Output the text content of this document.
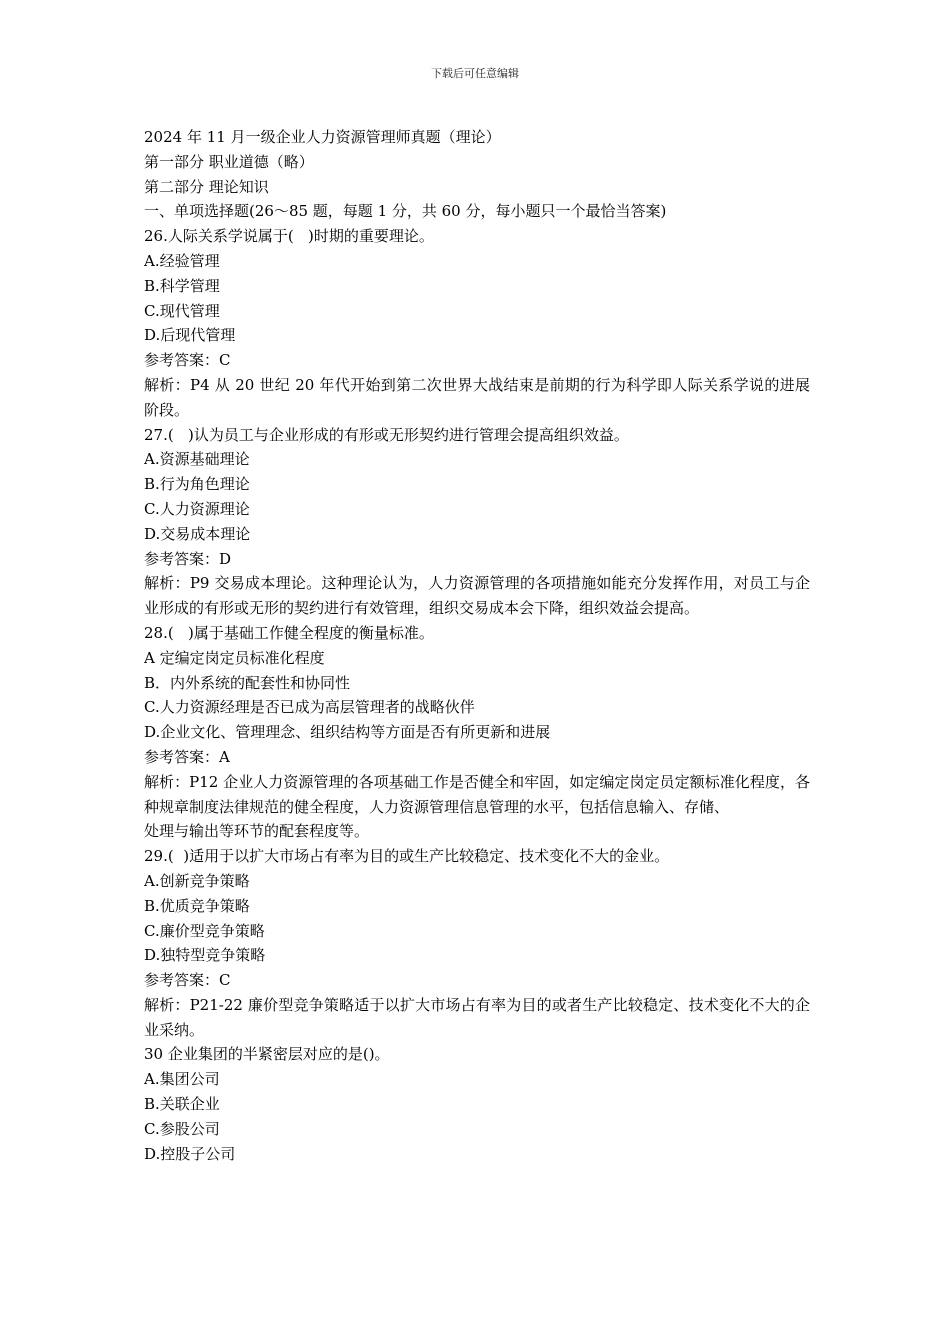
下载后可任意编辑

2024 年 11 月一级企业人力资源管理师真题（理论）

第一部分 职业道德（略）

第二部分 理论知识

一、单项选择题(26～85 题，每题 1 分，共 60 分，每小题只一个最恰当答案)

26.人际关系学说属于(   )时期的重要理论。

A.经验管理

B.科学管理

C.现代管理

D.后现代管理

参考答案：C

解析：P4 从 20 世纪 20 年代开始到第二次世界大战结束是前期的行为科学即人际关系学说的进展阶段。

27.(   )认为员工与企业形成的有形或无形契约进行管理会提高组织效益。

A.资源基础理论

B.行为角色理论

C.人力资源理论

D.交易成本理论

参考答案：D

解析：P9 交易成本理论。这种理论认为，人力资源管理的各项措施如能充分发挥作用，对员工与企业形成的有形或无形的契约进行有效管理，组织交易成本会下降，组织效益会提高。

28.(   )属于基础工作健全程度的衡量标准。

A 定编定岗定员标准化程度

B．内外系统的配套性和协同性

C.人力资源经理是否已成为高层管理者的战略伙伴

D.企业文化、管理理念、组织结构等方面是否有所更新和进展

参考答案：A

解析：P12 企业人力资源管理的各项基础工作是否健全和牢固，如定编定岗定员定额标准化程度，各种规章制度法律规范的健全程度，人力资源管理信息管理的水平，包括信息输入、存储、

处理与输出等环节的配套程度等。

29.(  )适用于以扩大市场占有率为目的或生产比较稳定、技术变化不大的金业。

A.创新竞争策略

B.优质竞争策略

C.廉价型竞争策略

D.独特型竞争策略

参考答案：C

解析：P21-22 廉价型竞争策略适于以扩大市场占有率为目的或者生产比较稳定、技术变化不大的企业采纳。

30 企业集团的半紧密层对应的是()。

A.集团公司

B.关联企业

C.参股公司

D.控股子公司
